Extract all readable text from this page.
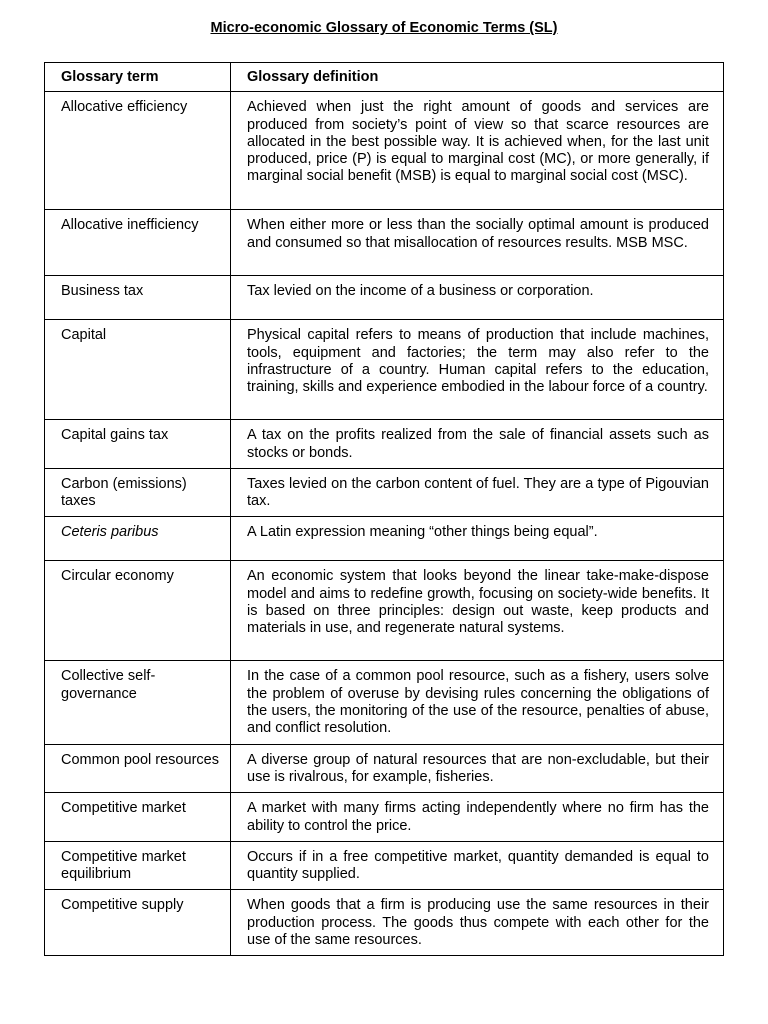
Micro-economic Glossary of Economic Terms (SL)
Glossary term	Glossary definition
Allocative efficiency	Achieved when just the right amount of goods and services are produced from society’s point of view so that scarce resources are allocated in the best possible way. It is achieved when, for the last unit produced, price (P) is equal to marginal cost (MC), or more generally, if marginal social benefit (MSB) is equal to marginal social cost (MSC).
Allocative inefficiency	When either more or less than the socially optimal amount is produced and consumed so that misallocation of resources results. MSB MSC.
Business tax	Tax levied on the income of a business or corporation.
Capital	Physical capital refers to means of production that include machines, tools, equipment and factories; the term may also refer to the infrastructure of a country. Human capital refers to the education, training, skills and experience embodied in the labour force of a country.
Capital gains tax	A tax on the profits realized from the sale of financial assets such as stocks or bonds.
Carbon (emissions) taxes	Taxes levied on the carbon content of fuel. They are a type of Pigouvian tax.
Ceteris paribus	A Latin expression meaning “other things being equal”.
Circular economy	An economic system that looks beyond the linear take-make-dispose model and aims to redefine growth, focusing on society-wide benefits. It is based on three principles: design out waste, keep products and materials in use, and regenerate natural systems.
Collective self-governance	In the case of a common pool resource, such as a fishery, users solve the problem of overuse by devising rules concerning the obligations of the users, the monitoring of the use of the resource, penalties of abuse, and conflict resolution.
Common pool resources	A diverse group of natural resources that are non-excludable, but their use is rivalrous, for example, fisheries.
Competitive market	A market with many firms acting independently where no firm has the ability to control the price.
Competitive market equilibrium	Occurs if in a free competitive market, quantity demanded is equal to quantity supplied.
Competitive supply	When goods that a firm is producing use the same resources in their production process. The goods thus compete with each other for the use of the same resources.
